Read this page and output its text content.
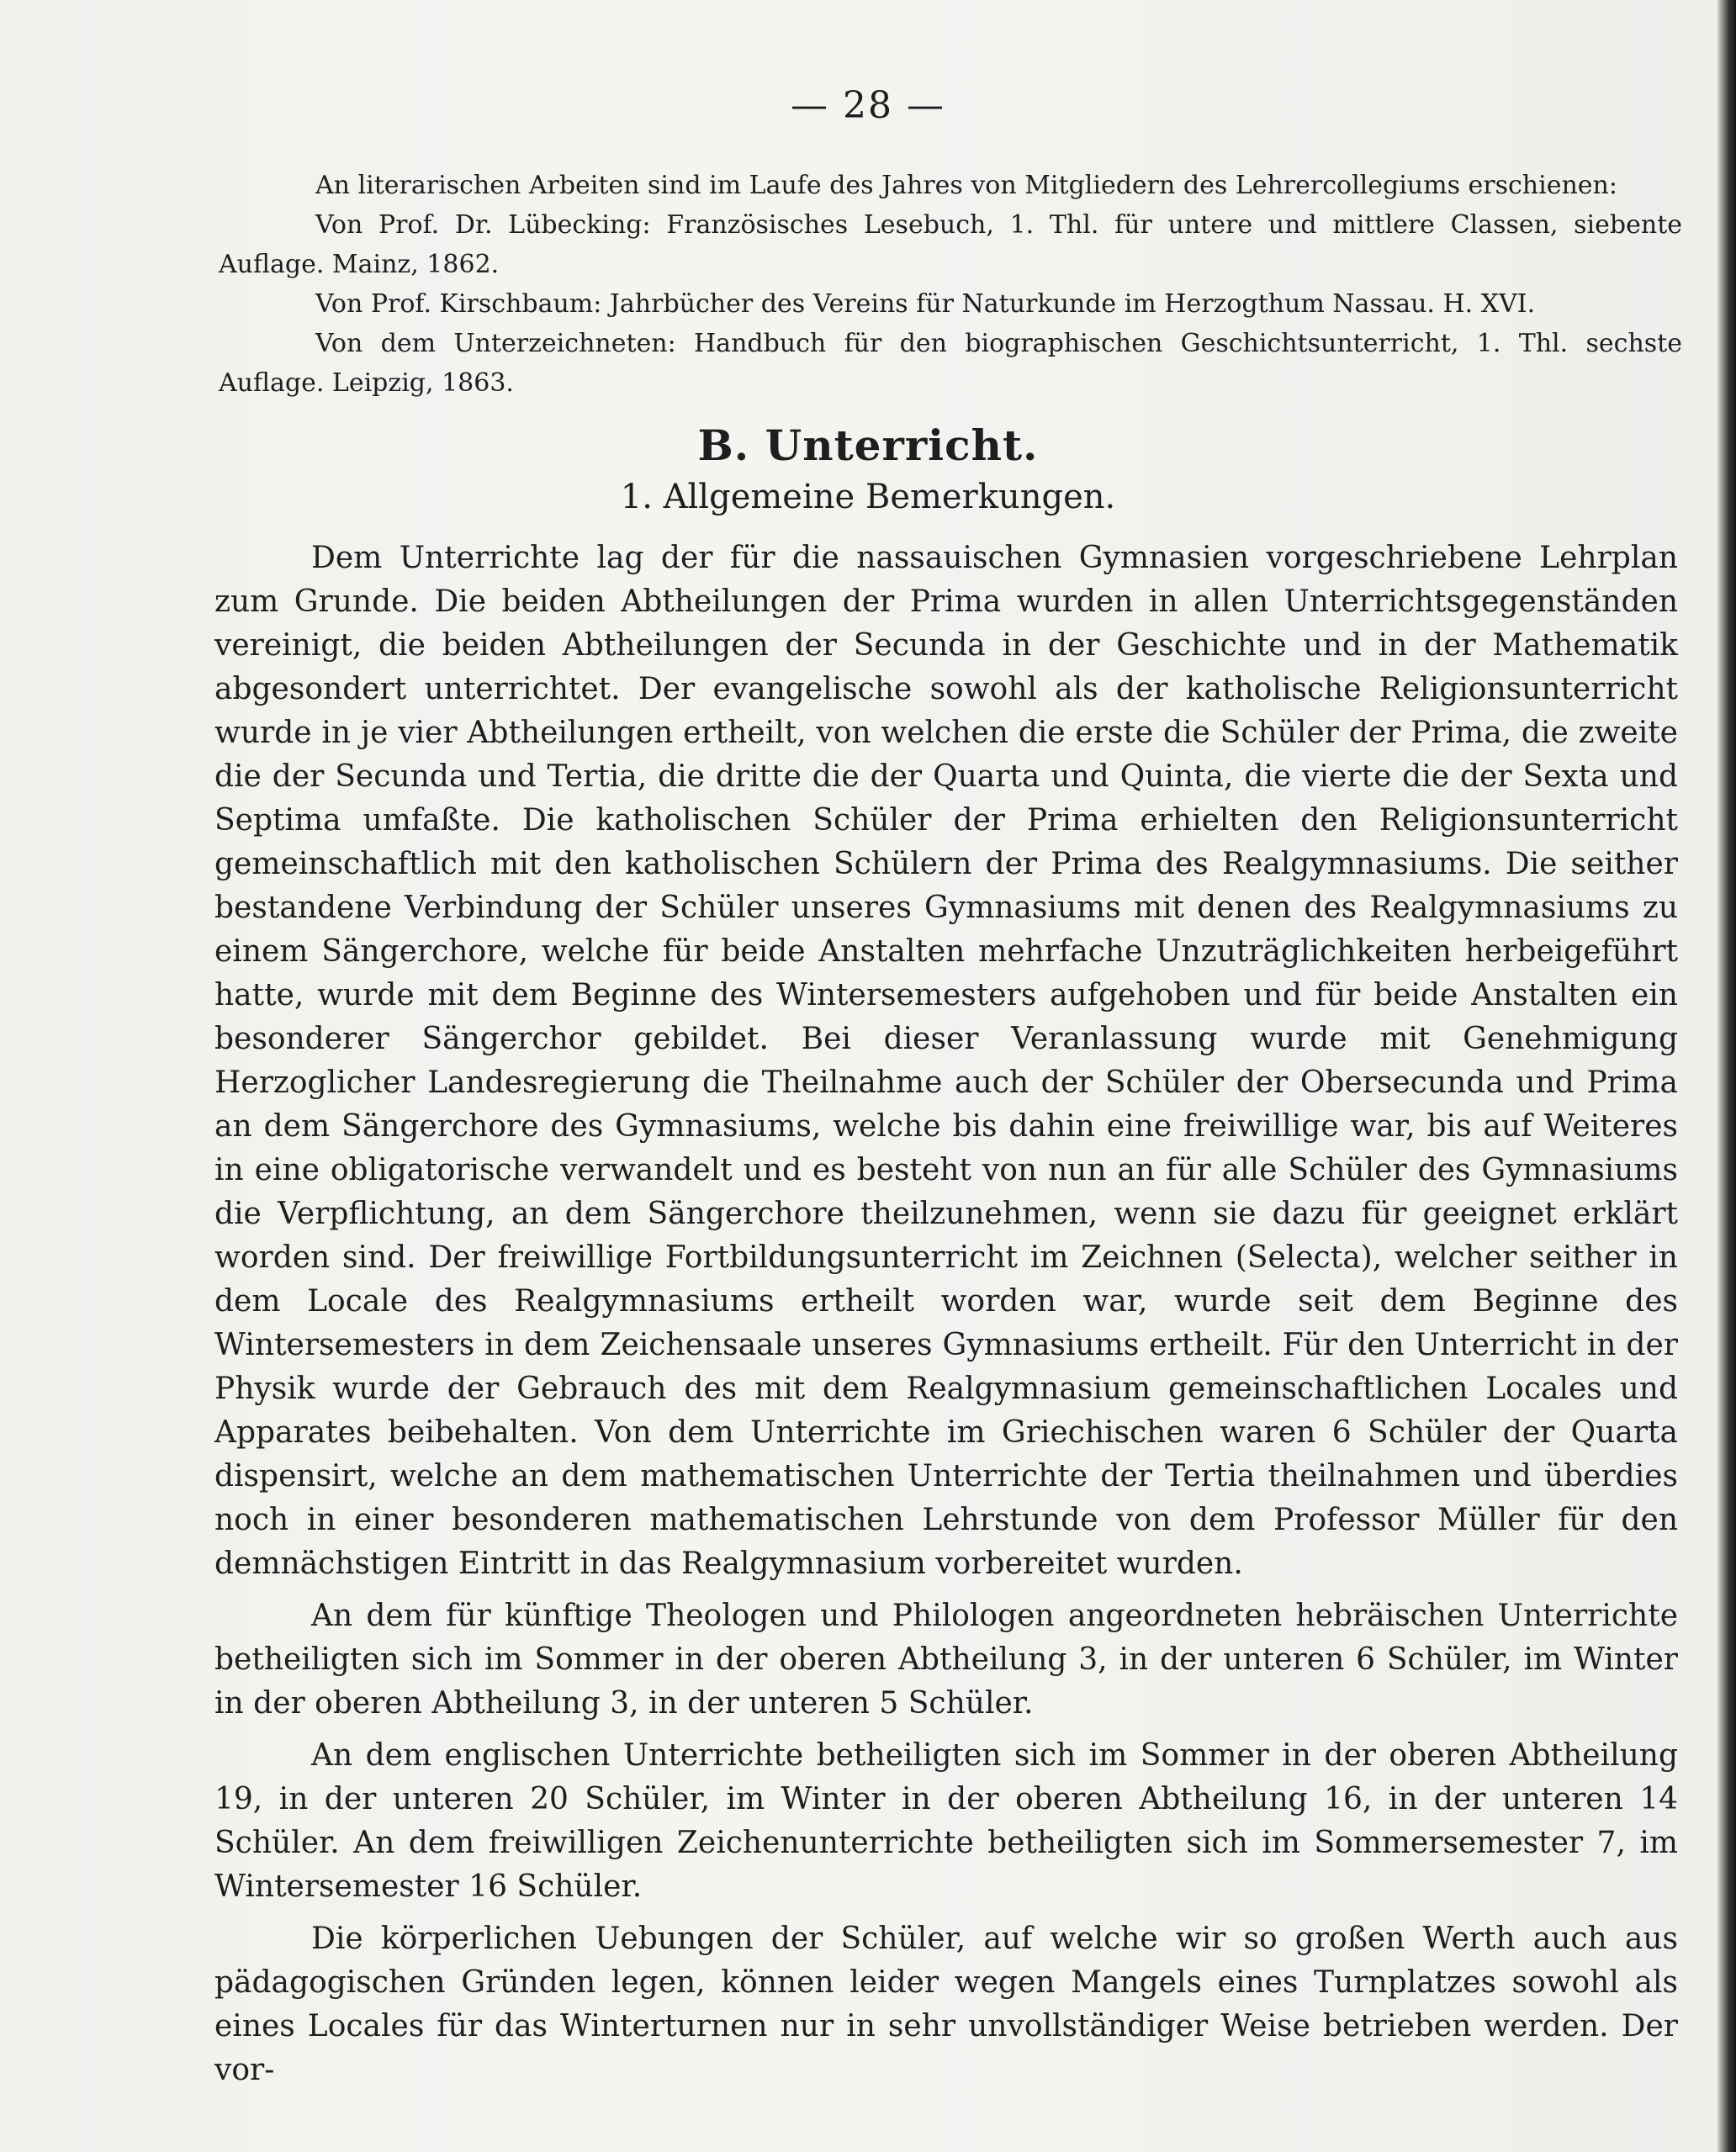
— 28 —

An literarischen Arbeiten sind im Laufe des Jahres von Mitgliedern des Lehrercollegiums erschienen:

Von Prof. Dr. Lübecking: Französisches Lesebuch, 1. Thl. für untere und mittlere Classen, siebente Auflage. Mainz, 1862.

Von Prof. Kirschbaum: Jahrbücher des Vereins für Naturkunde im Herzogthum Nassau. H. XVI.

Von dem Unterzeichneten: Handbuch für den biographischen Geschichtsunterricht, 1. Thl. sechste Auflage. Leipzig, 1863.

B. Unterricht.
1. Allgemeine Bemerkungen.

Dem Unterrichte lag der für die nassauischen Gymnasien vorgeschriebene Lehrplan zum Grunde. Die beiden Abtheilungen der Prima wurden in allen Unterrichtsgegenständen vereinigt, die beiden Abtheilungen der Secunda in der Geschichte und in der Mathematik abgesondert unterrichtet. Der evangelische sowohl als der katholische Religionsunterricht wurde in je vier Abtheilungen ertheilt, von welchen die erste die Schüler der Prima, die zweite die der Secunda und Tertia, die dritte die der Quarta und Quinta, die vierte die der Sexta und Septima umfaßte. Die katholischen Schüler der Prima erhielten den Religionsunterricht gemeinschaftlich mit den katholischen Schülern der Prima des Realgymnasiums. Die seither bestandene Verbindung der Schüler unseres Gymnasiums mit denen des Realgymnasiums zu einem Sängerchore, welche für beide Anstalten mehrfache Unzuträglichkeiten herbeigeführt hatte, wurde mit dem Beginne des Wintersemesters aufgehoben und für beide Anstalten ein besonderer Sängerchor gebildet. Bei dieser Veranlassung wurde mit Genehmigung Herzoglicher Landesregierung die Theilnahme auch der Schüler der Obersecunda und Prima an dem Sängerchore des Gymnasiums, welche bis dahin eine freiwillige war, bis auf Weiteres in eine obligatorische verwandelt und es besteht von nun an für alle Schüler des Gymnasiums die Verpflichtung, an dem Sängerchore theilzunehmen, wenn sie dazu für geeignet erklärt worden sind. Der freiwillige Fortbildungsunterricht im Zeichnen (Selecta), welcher seither in dem Locale des Realgymnasiums ertheilt worden war, wurde seit dem Beginne des Wintersemesters in dem Zeichensaale unseres Gymnasiums ertheilt. Für den Unterricht in der Physik wurde der Gebrauch des mit dem Realgymnasium gemeinschaftlichen Locales und Apparates beibehalten. Von dem Unterrichte im Griechischen waren 6 Schüler der Quarta dispensirt, welche an dem mathematischen Unterrichte der Tertia theilnahmen und überdies noch in einer besonderen mathematischen Lehrstunde von dem Professor Müller für den demnächstigen Eintritt in das Realgymnasium vorbereitet wurden.

An dem für künftige Theologen und Philologen angeordneten hebräischen Unterrichte betheiligten sich im Sommer in der oberen Abtheilung 3, in der unteren 6 Schüler, im Winter in der oberen Abtheilung 3, in der unteren 5 Schüler.

An dem englischen Unterrichte betheiligten sich im Sommer in der oberen Abtheilung 19, in der unteren 20 Schüler, im Winter in der oberen Abtheilung 16, in der unteren 14 Schüler. An dem freiwilligen Zeichenunterrichte betheiligten sich im Sommersemester 7, im Wintersemester 16 Schüler.

Die körperlichen Uebungen der Schüler, auf welche wir so großen Werth auch aus pädagogischen Gründen legen, können leider wegen Mangels eines Turnplatzes sowohl als eines Locales für das Winterturnen nur in sehr unvollständiger Weise betrieben werden. Der vor-
